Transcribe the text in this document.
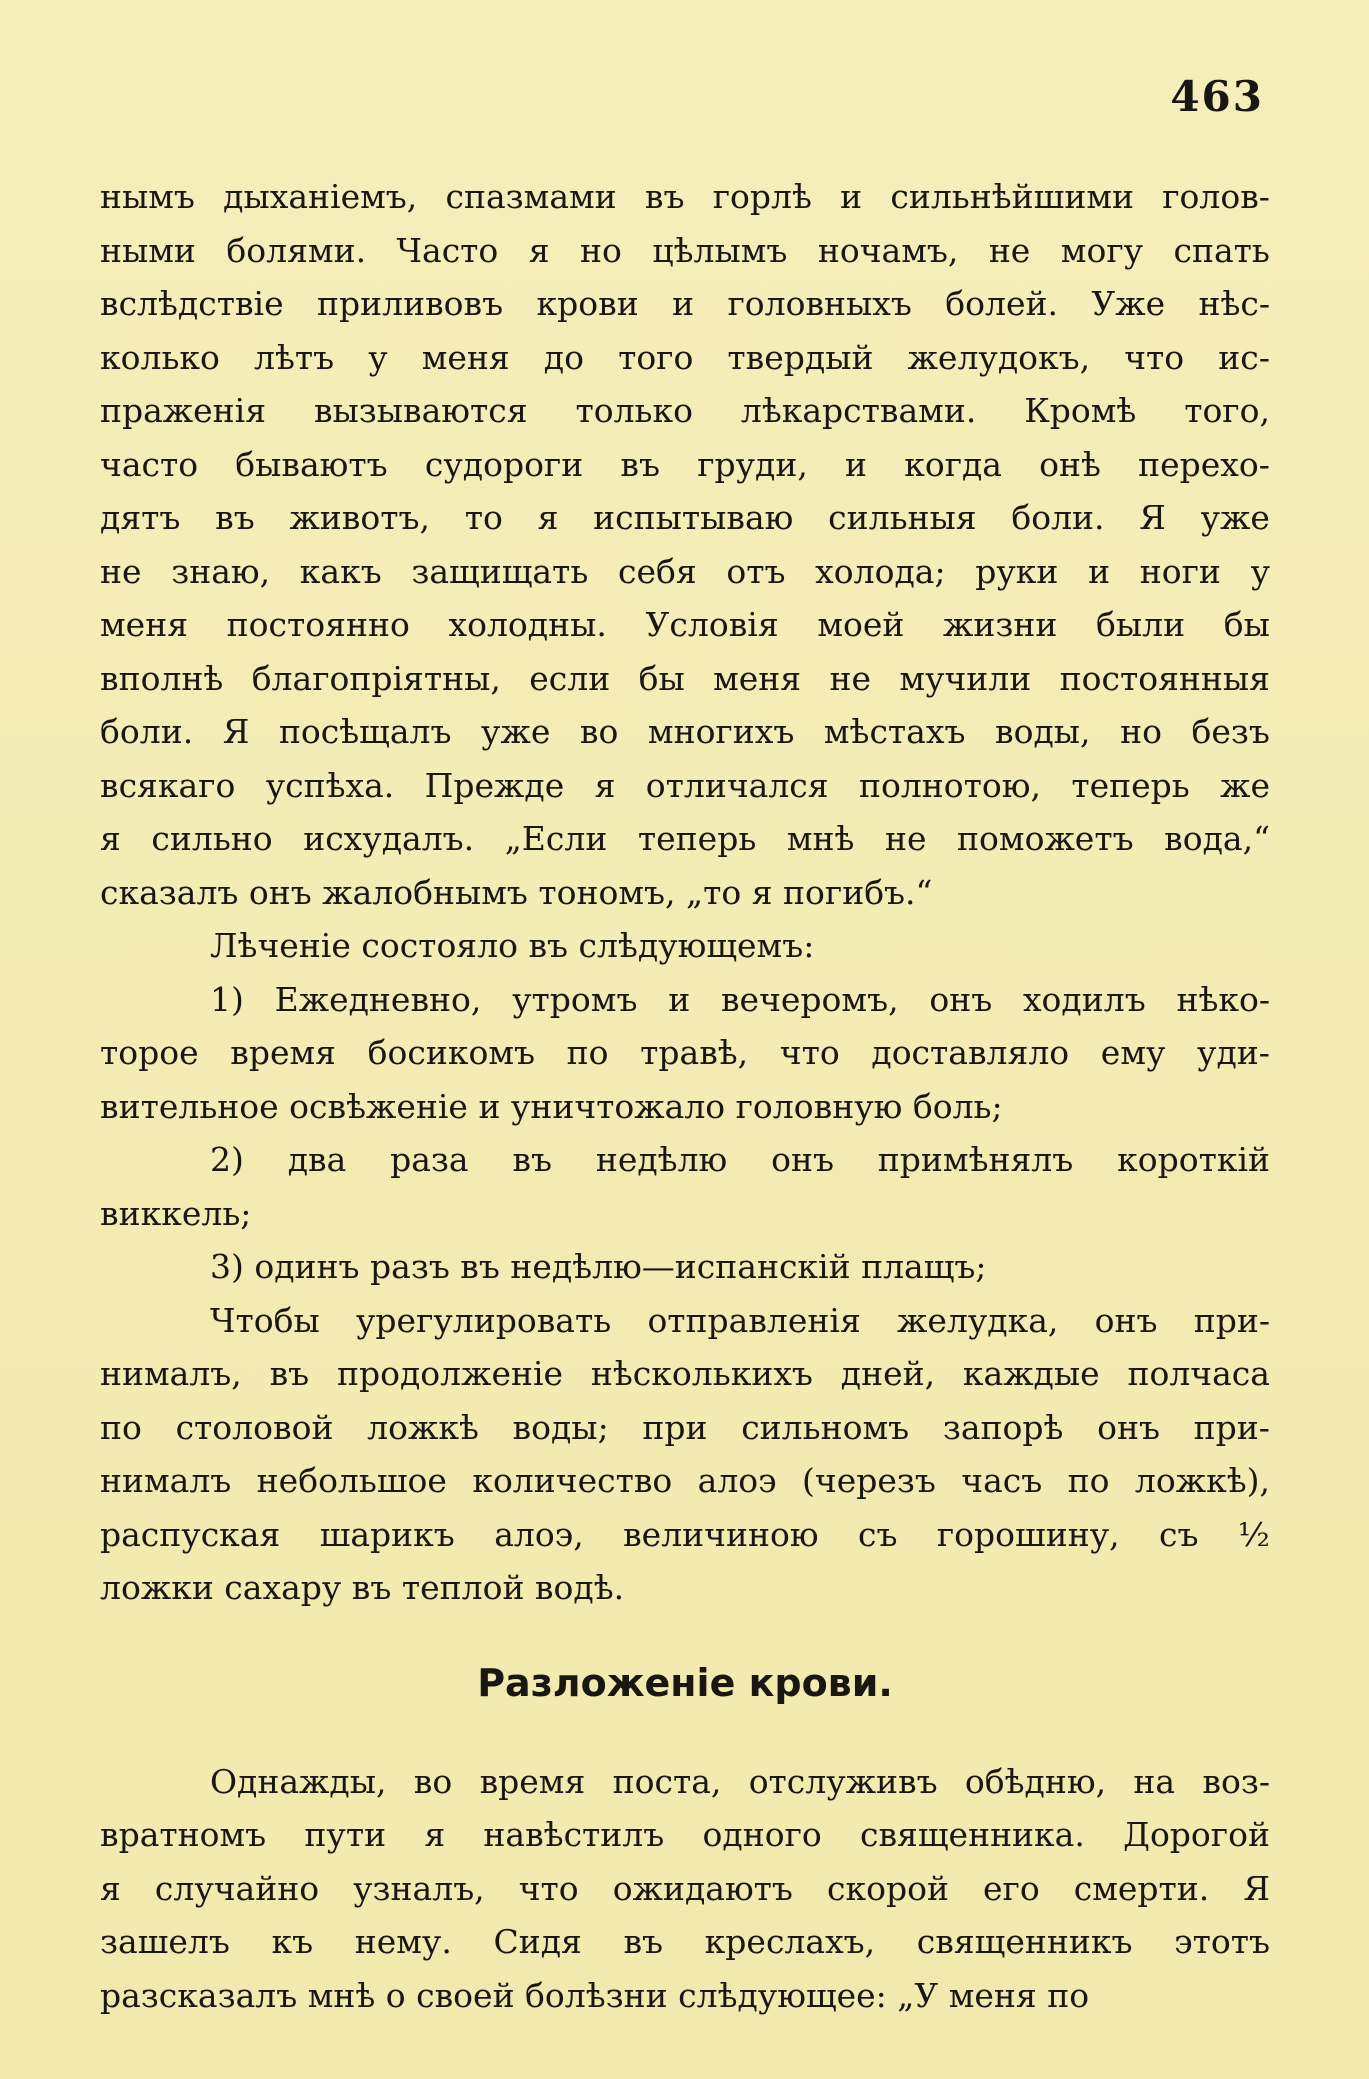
463
нымъ дыханіемъ, спазмами въ горлѣ и сильнѣйшими голов-
ными болями. Часто я но цѣлымъ ночамъ, не могу спать
вслѣдствіе приливовъ крови и головныхъ болей. Уже нѣс-
колько лѣтъ у меня до того твердый желудокъ, что ис-
праженія вызываются только лѣкарствами. Кромѣ того,
часто бываютъ судороги въ груди, и когда онѣ перехо-
дятъ въ животъ, то я испытываю сильныя боли. Я уже
не знаю, какъ защищать себя отъ холода; руки и ноги у
меня постоянно холодны. Условія моей жизни были бы
вполнѣ благопріятны, если бы меня не мучили постоянныя
боли. Я посѣщалъ уже во многихъ мѣстахъ воды, но безъ
всякаго успѣха. Прежде я отличался полнотою, теперь же
я сильно исхудалъ. „Если теперь мнѣ не поможетъ вода,“
сказалъ онъ жалобнымъ тономъ, „то я погибъ.“
Лѣченіе состояло въ слѣдующемъ:
1) Ежедневно, утромъ и вечеромъ, онъ ходилъ нѣко-
торое время босикомъ по травѣ, что доставляло ему уди-
вительное освѣженіе и уничтожало головную боль;
2) два раза въ недѣлю онъ примѣнялъ короткій
виккель;
3) одинъ разъ въ недѣлю—испанскій плащъ;
Чтобы урегулировать отправленія желудка, онъ при-
нималъ, въ продолженіе нѣсколькихъ дней, каждые полчаса
по столовой ложкѣ воды; при сильномъ запорѣ онъ при-
нималъ небольшое количество алоэ (черезъ часъ по ложкѣ),
распуская шарикъ алоэ, величиною съ горошину, съ ½
ложки сахару въ теплой водѣ.
Разложеніе крови.
Однажды, во время поста, отслуживъ обѣдню, на воз-
вратномъ пути я навѣстилъ одного священника. Дорогой
я случайно узналъ, что ожидаютъ скорой его смерти. Я
зашелъ къ нему. Сидя въ креслахъ, священникъ этотъ
разсказалъ мнѣ о своей болѣзни слѣдующее: „У меня по
